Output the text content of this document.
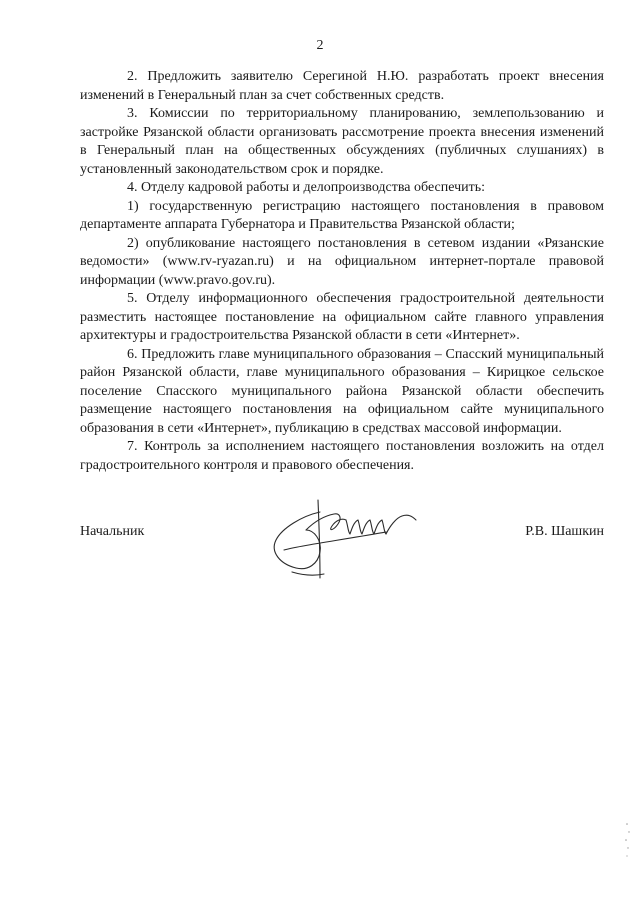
2

2. Предложить заявителю Серегиной Н.Ю. разработать проект внесения изменений в Генеральный план за счет собственных средств.

3. Комиссии по территориальному планированию, землепользованию и застройке Рязанской области организовать рассмотрение проекта внесения изменений в Генеральный план на общественных обсуждениях (публичных слушаниях) в установленный законодательством срок и порядке.

4. Отделу кадровой работы и делопроизводства обеспечить:

1) государственную регистрацию настоящего постановления в правовом департаменте аппарата Губернатора и Правительства Рязанской области;

2) опубликование настоящего постановления в сетевом издании «Рязанские ведомости» (www.rv-ryazan.ru) и на официальном интернет-портале правовой информации (www.pravo.gov.ru).

5. Отделу информационного обеспечения градостроительной деятельности разместить настоящее постановление на официальном сайте главного управления архитектуры и градостроительства Рязанской области в сети «Интернет».

6. Предложить главе муниципального образования – Спасский муниципальный район Рязанской области, главе муниципального образования – Кирицкое сельское поселение Спасского муниципального района Рязанской области обеспечить размещение настоящего постановления на официальном сайте муниципального образования в сети «Интернет», публикацию в средствах массовой информации.

7. Контроль за исполнением настоящего постановления возложить на отдел градостроительного контроля и правового обеспечения.

Начальник	Р.В. Шашкин
